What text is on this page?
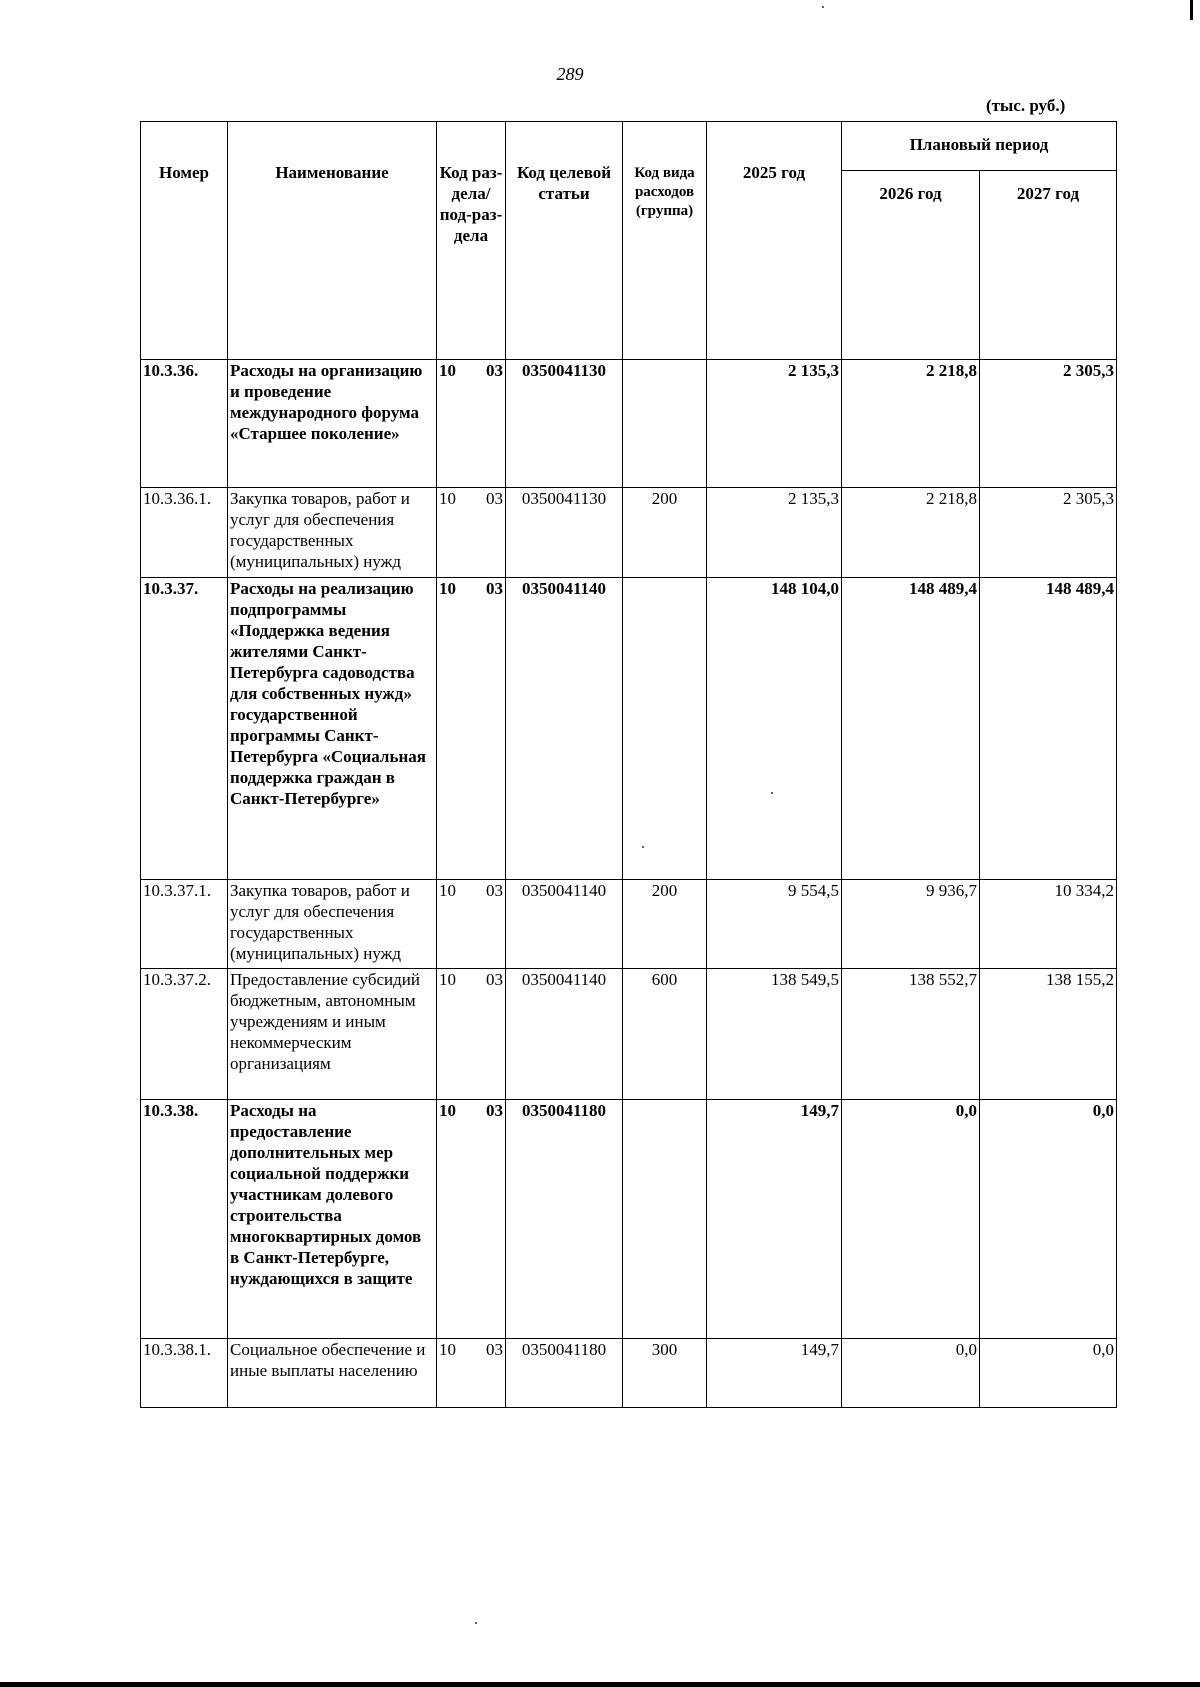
289
(тыс. руб.)
Номер	Наименование	Код раз-дела/ под-раз-дела	Код целевой статьи	Код вида расходов (группа)	2025 год	Плановый период	
						2026 год	2027 год
10.3.36.	Расходы на организацию и проведение международного форума «Старшее поколение»	10 03	0350041130		2 135,3	2 218,8	2 305,3
10.3.36.1.	Закупка товаров, работ и услуг для обеспечения государственных (муниципальных) нужд	10 03	0350041130	200	2 135,3	2 218,8	2 305,3
10.3.37.	Расходы на реализацию подпрограммы «Поддержка ведения жителями Санкт-Петербурга садоводства для собственных нужд» государственной программы Санкт-Петербурга «Социальная поддержка граждан в Санкт-Петербурге»	10 03	0350041140		148 104,0	148 489,4	148 489,4
10.3.37.1.	Закупка товаров, работ и услуг для обеспечения государственных (муниципальных) нужд	10 03	0350041140	200	9 554,5	9 936,7	10 334,2
10.3.37.2.	Предоставление субсидий бюджетным, автономным учреждениям и иным некоммерческим организациям	10 03	0350041140	600	138 549,5	138 552,7	138 155,2
10.3.38.	Расходы на предоставление дополнительных мер социальной поддержки участникам долевого строительства многоквартирных домов в Санкт-Петербурге, нуждающихся в защите	10 03	0350041180		149,7	0,0	0,0
10.3.38.1.	Социальное обеспечение и иные выплаты населению	10 03	0350041180	300	149,7	0,0	0,0
